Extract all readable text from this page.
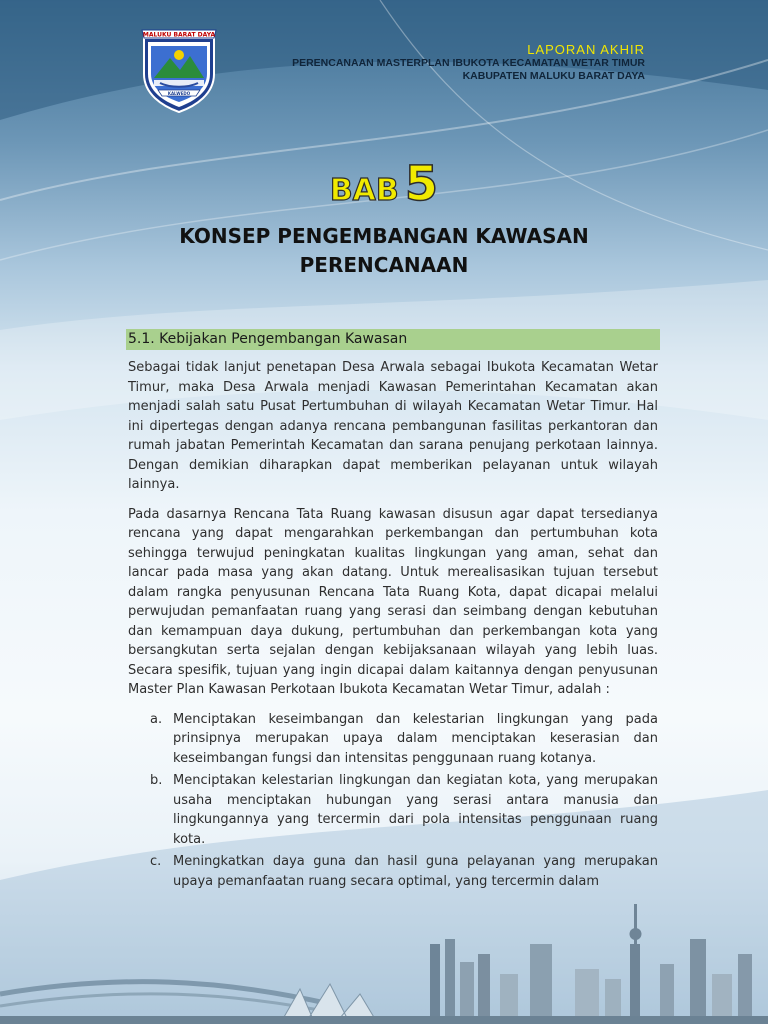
MALUKU BARAT DAYA
KALWEDO
LAPORAN AKHIR
PERENCANAAN MASTERPLAN IBUKOTA KECAMATAN WETAR TIMUR
KABUPATEN MALUKU BARAT DAYA
BAB 5
KONSEP PENGEMBANGAN KAWASAN
PERENCANAAN
5.1. Kebijakan Pengembangan Kawasan

Sebagai tidak lanjut penetapan Desa Arwala sebagai Ibukota Kecamatan Wetar Timur, maka Desa Arwala menjadi Kawasan Pemerintahan Kecamatan akan menjadi salah satu Pusat Pertumbuhan di wilayah Kecamatan Wetar Timur. Hal ini dipertegas dengan adanya rencana pembangunan fasilitas perkantoran dan rumah jabatan Pemerintah Kecamatan dan sarana penujang perkotaan lainnya. Dengan demikian diharapkan dapat memberikan pelayanan untuk wilayah lainnya.

Pada dasarnya Rencana Tata Ruang kawasan disusun agar dapat tersedianya rencana yang dapat mengarahkan perkembangan dan pertumbuhan kota sehingga terwujud peningkatan kualitas lingkungan yang aman, sehat dan lancar pada masa yang akan datang. Untuk merealisasikan tujuan tersebut dalam rangka penyusunan Rencana Tata Ruang Kota, dapat dicapai melalui perwujudan pemanfaatan ruang yang serasi dan seimbang dengan kebutuhan dan kemampuan daya dukung, pertumbuhan dan perkembangan kota yang bersangkutan serta sejalan dengan kebijaksanaan wilayah yang lebih luas. Secara spesifik, tujuan yang ingin dicapai dalam kaitannya dengan penyusunan Master Plan Kawasan Perkotaan Ibukota Kecamatan Wetar Timur, adalah :

a. Menciptakan keseimbangan dan kelestarian lingkungan yang pada prinsipnya merupakan upaya dalam menciptakan keserasian dan keseimbangan fungsi dan intensitas penggunaan ruang kotanya.
b. Menciptakan kelestarian lingkungan dan kegiatan kota, yang merupakan usaha menciptakan hubungan yang serasi antara manusia dan lingkungannya yang tercermin dari pola intensitas penggunaan ruang kota.
c. Meningkatkan daya guna dan hasil guna pelayanan yang merupakan upaya pemanfaatan ruang secara optimal, yang tercermin dalam
